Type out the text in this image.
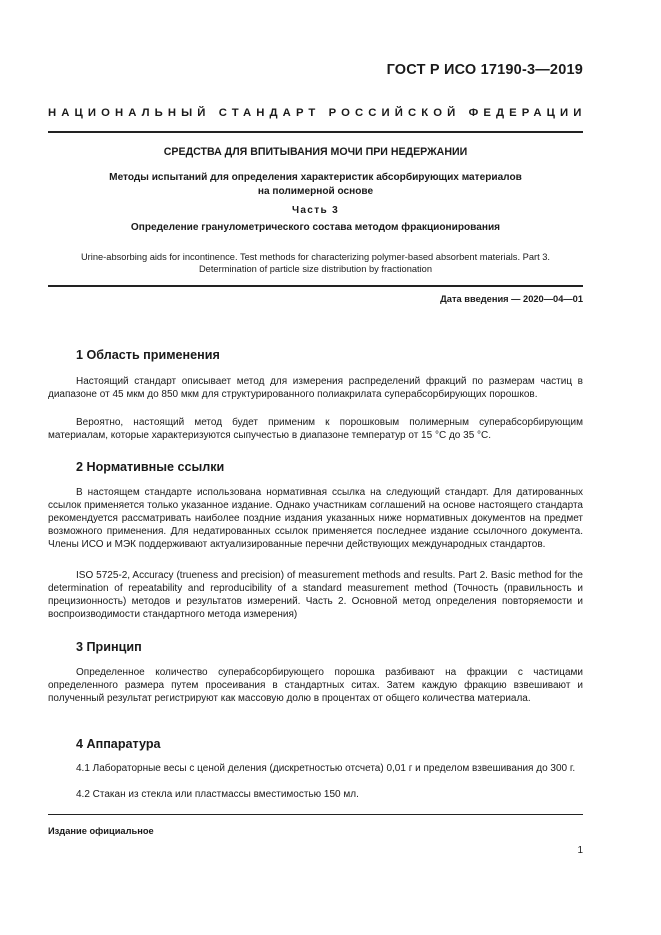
ГОСТ Р ИСО 17190-3—2019
НАЦИОНАЛЬНЫЙ СТАНДАРТ РОССИЙСКОЙ ФЕДЕРАЦИИ
СРЕДСТВА ДЛЯ ВПИТЫВАНИЯ МОЧИ ПРИ НЕДЕРЖАНИИ
Методы испытаний для определения характеристик абсорбирующих материалов
на полимерной основе
Часть 3
Определение гранулометрического состава методом фракционирования
Urine-absorbing aids for incontinence. Test methods for characterizing polymer-based absorbent materials. Part 3.
Determination of particle size distribution by fractionation
Дата введения — 2020—04—01
1 Область применения
Настоящий стандарт описывает метод для измерения распределений фракций по размерам частиц в диапазоне от 45 мкм до 850 мкм для структурированного полиакрилата суперабсорбирующих порошков.
Вероятно, настоящий метод будет применим к порошковым полимерным суперабсорбирующим материалам, которые характеризуются сыпучестью в диапазоне температур от 15 °С до 35 °С.
2 Нормативные ссылки
В настоящем стандарте использована нормативная ссылка на следующий стандарт. Для датированных ссылок применяется только указанное издание. Однако участникам соглашений на основе настоящего стандарта рекомендуется рассматривать наиболее поздние издания указанных ниже нормативных документов на предмет возможного применения. Для недатированных ссылок применяется последнее издание ссылочного документа. Члены ИСО и МЭК поддерживают актуализированные перечни действующих международных стандартов.
ISO 5725-2, Accuracy (trueness and precision) of measurement methods and results. Part 2. Basic method for the determination of repeatability and reproducibility of a standard measurement method (Точность (правильность и прецизионность) методов и результатов измерений. Часть 2. Основной метод определения повторяемости и воспроизводимости стандартного метода измерения)
3 Принцип
Определенное количество суперабсорбирующего порошка разбивают на фракции с частицами определенного размера путем просеивания в стандартных ситах. Затем каждую фракцию взвешивают и полученный результат регистрируют как массовую долю в процентах от общего количества материала.
4 Аппаратура
4.1 Лабораторные весы с ценой деления (дискретностью отсчета) 0,01 г и пределом взвешивания до 300 г.
4.2 Стакан из стекла или пластмассы вместимостью 150 мл.
Издание официальное
1
